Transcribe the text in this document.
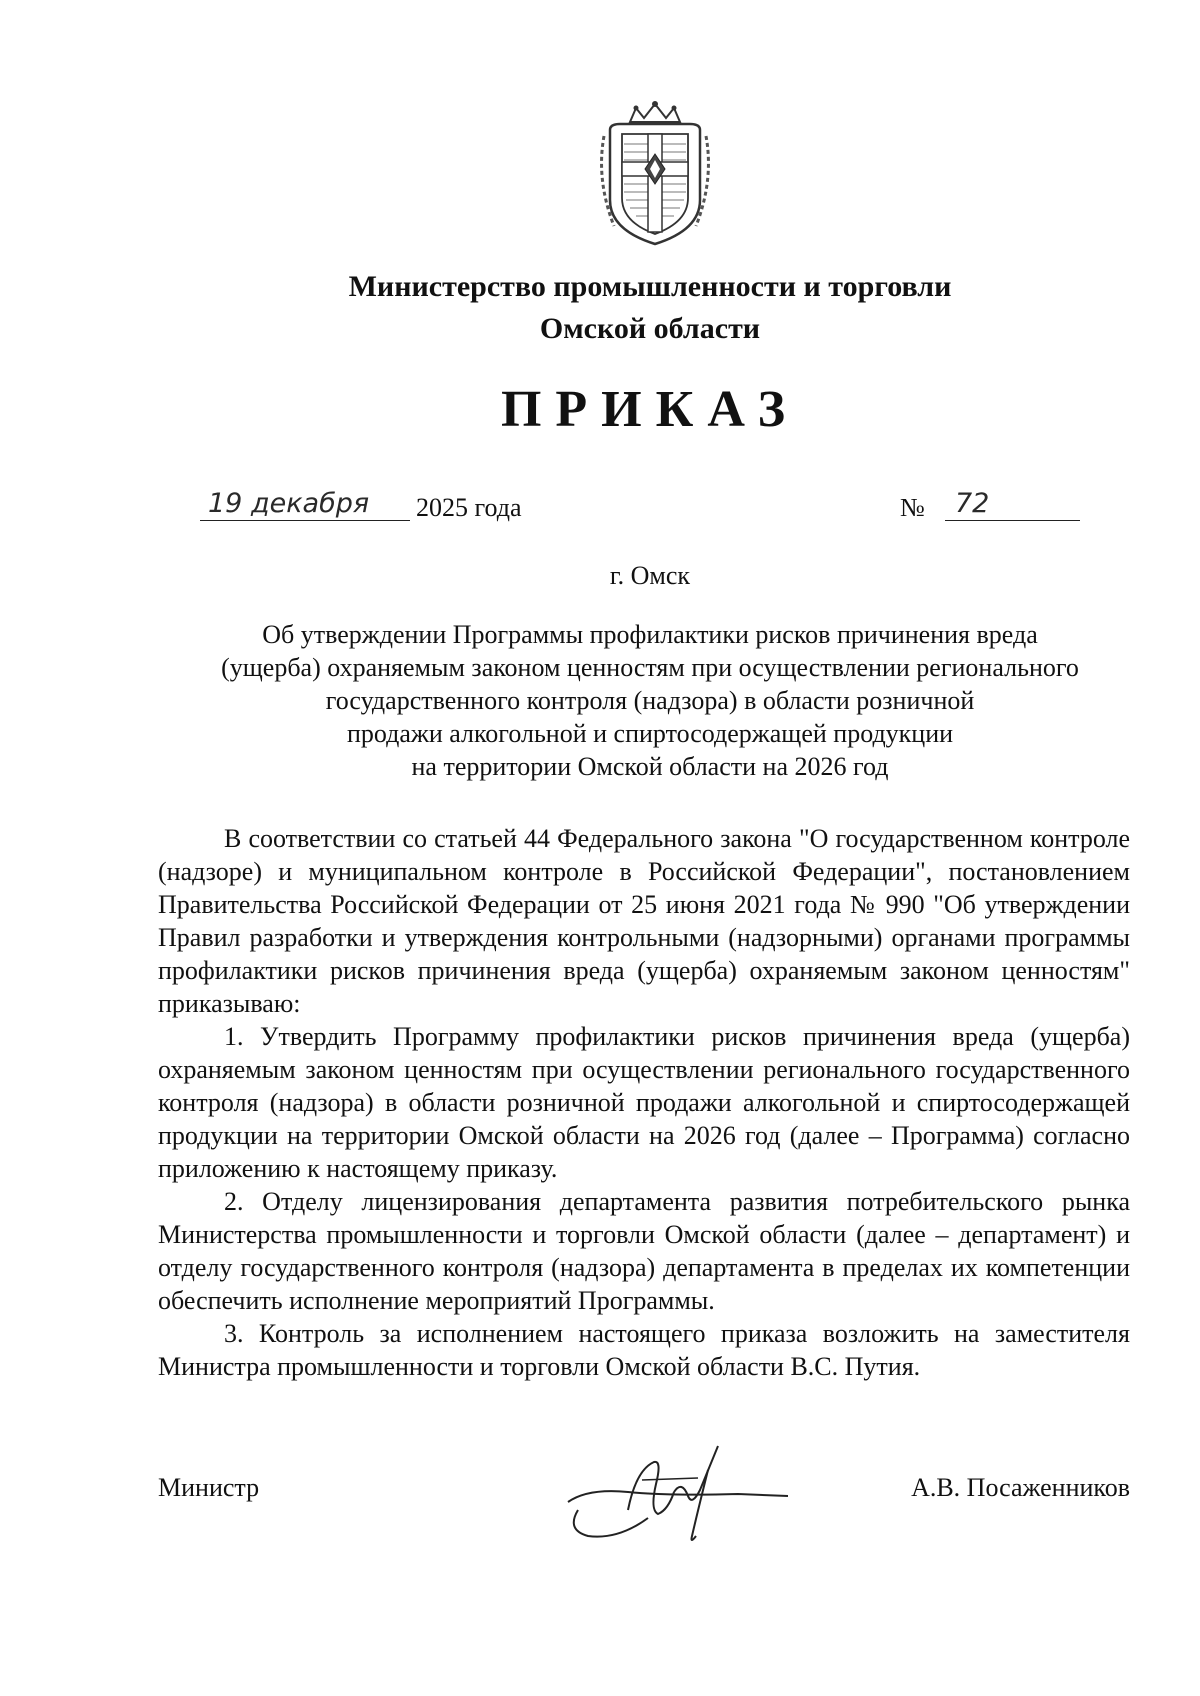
Министерство промышленности и торговли
Омской области
ПРИКАЗ
19 декабря	2025 года	№	72
г. Омск
Об утверждении Программы профилактики рисков причинения вреда
(ущерба) охраняемым законом ценностям при осуществлении регионального
государственного контроля (надзора) в области розничной
продажи алкогольной и спиртосодержащей продукции
на территории Омской области на 2026 год

В соответствии со статьей 44 Федерального закона "О государственном контроле (надзоре) и муниципальном контроле в Российской Федерации", постановлением Правительства Российской Федерации от 25 июня 2021 года № 990 "Об утверждении Правил разработки и утверждения контрольными (надзорными) органами программы профилактики рисков причинения вреда (ущерба) охраняемым законом ценностям" приказываю:

1. Утвердить Программу профилактики рисков причинения вреда (ущерба) охраняемым законом ценностям при осуществлении регионального государственного контроля (надзора) в области розничной продажи алкогольной и спиртосодержащей продукции на территории Омской области на 2026 год (далее – Программа) согласно приложению к настоящему приказу.

2. Отделу лицензирования департамента развития потребительского рынка Министерства промышленности и торговли Омской области (далее – департамент) и отделу государственного контроля (надзора) департамента в пределах их компетенции обеспечить исполнение мероприятий Программы.

3. Контроль за исполнением настоящего приказа возложить на заместителя Министра промышленности и торговли Омской области В.С. Путия.

Министр	А.В. Посаженников
